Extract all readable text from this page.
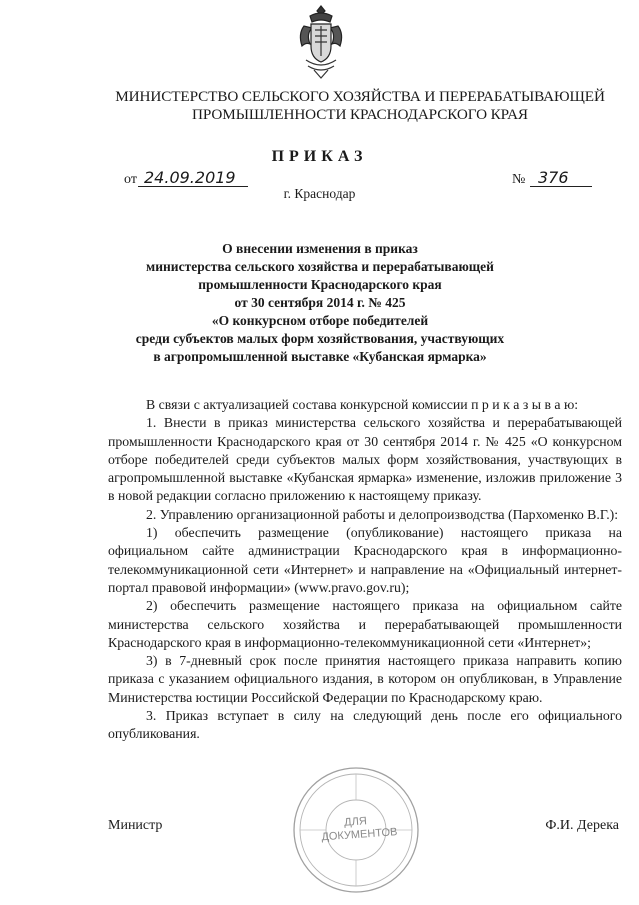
МИНИСТЕРСТВО СЕЛЬСКОГО ХОЗЯЙСТВА И ПЕРЕРАБАТЫВАЮЩЕЙ
ПРОМЫШЛЕННОСТИ КРАСНОДАРСКОГО КРАЯ
ПРИКАЗ
от 24.09.2019	№ 376
г. Краснодар
О внесении изменения в приказ
министерства сельского хозяйства и перерабатывающей
промышленности Краснодарского края
от 30 сентября 2014 г. № 425
«О конкурсном отборе победителей
среди субъектов малых форм хозяйствования, участвующих
в агропромышленной выставке «Кубанская ярмарка»

В связи с актуализацией состава конкурсной комиссии п р и к а з ы в а ю:

1. Внести в приказ министерства сельского хозяйства и перерабатывающей промышленности Краснодарского края от 30 сентября 2014 г. № 425 «О конкурсном отборе победителей среди субъектов малых форм хозяйствования, участвующих в агропромышленной выставке «Кубанская ярмарка» изменение, изложив приложение 3 в новой редакции согласно приложению к настоящему приказу.

2. Управлению организационной работы и делопроизводства (Пархоменко В.Г.):

1) обеспечить размещение (опубликование) настоящего приказа на официальном сайте администрации Краснодарского края в информационно-телекоммуникационной сети «Интернет» и направление на «Официальный интернет-портал правовой информации» (www.pravo.gov.ru);

2) обеспечить размещение настоящего приказа на официальном сайте министерства сельского хозяйства и перерабатывающей промышленности Краснодарского края в информационно-телекоммуникационной сети «Интернет»;

3) в 7-дневный срок после принятия настоящего приказа направить копию приказа с указанием официального издания, в котором он опубликован, в Управление Министерства юстиции Российской Федерации по Краснодарскому краю.

3. Приказ вступает в силу на следующий день после его официального опубликования.

ДЛЯ
ДОКУМЕНТОВ
Министр	Ф.И. Дерека
